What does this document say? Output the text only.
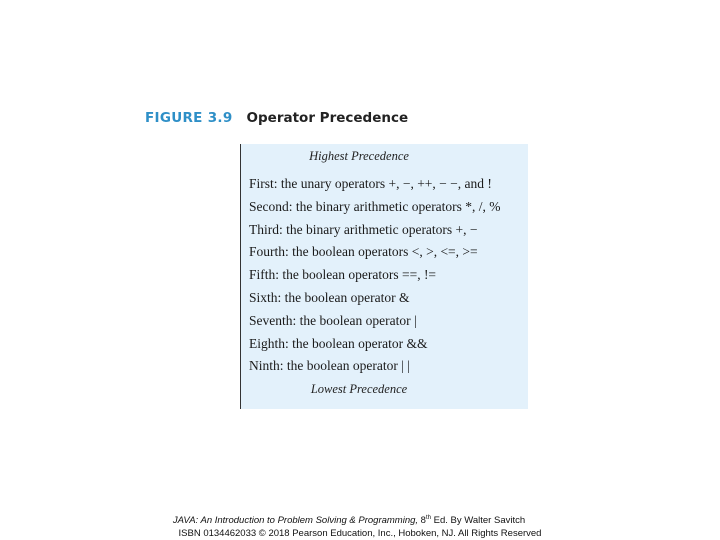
FIGURE 3.9 Operator Precedence
Highest Precedence
First: the unary operators +, −, ++, − −, and !
Second: the binary arithmetic operators *, /, %
Third: the binary arithmetic operators +, −
Fourth: the boolean operators <, >, <=, >=
Fifth: the boolean operators ==, !=
Sixth: the boolean operator &
Seventh: the boolean operator |
Eighth: the boolean operator &&
Ninth: the boolean operator | |
Lowest Precedence
JAVA: An Introduction to Problem Solving & Programming, 8th Ed. By Walter Savitch
ISBN 0134462033 © 2018 Pearson Education, Inc., Hoboken, NJ. All Rights Reserved
